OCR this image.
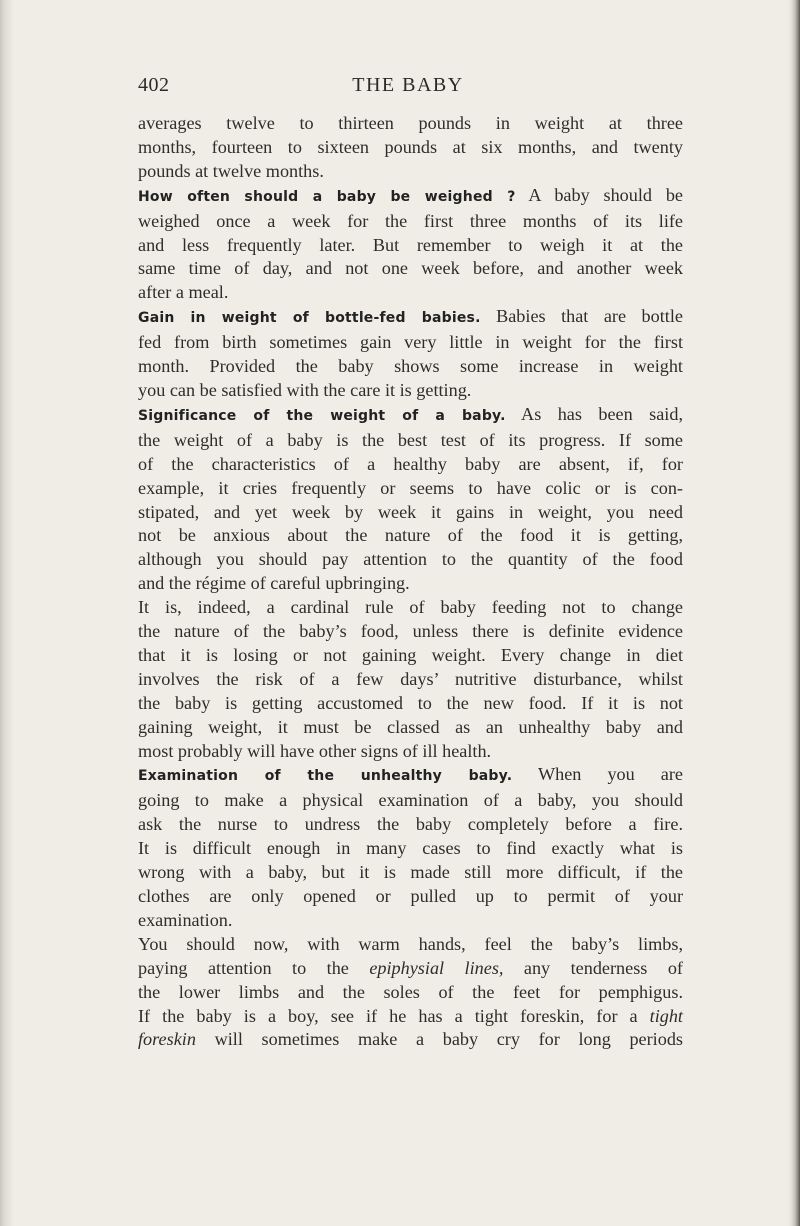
402	THE BABY
averages twelve to thirteen pounds in weight at three
months, fourteen to sixteen pounds at six months, and twenty
pounds at twelve months.
How often should a baby be weighed ? A baby should be
weighed once a week for the first three months of its life
and less frequently later. But remember to weigh it at the
same time of day, and not one week before, and another week
after a meal.
Gain in weight of bottle-fed babies. Babies that are bottle
fed from birth sometimes gain very little in weight for the first
month. Provided the baby shows some increase in weight
you can be satisfied with the care it is getting.
Significance of the weight of a baby. As has been said,
the weight of a baby is the best test of its progress. If some
of the characteristics of a healthy baby are absent, if, for
example, it cries frequently or seems to have colic or is con-
stipated, and yet week by week it gains in weight, you need
not be anxious about the nature of the food it is getting,
although you should pay attention to the quantity of the food
and the régime of careful upbringing.
It is, indeed, a cardinal rule of baby feeding not to change
the nature of the baby’s food, unless there is definite evidence
that it is losing or not gaining weight. Every change in diet
involves the risk of a few days’ nutritive disturbance, whilst
the baby is getting accustomed to the new food. If it is not
gaining weight, it must be classed as an unhealthy baby and
most probably will have other signs of ill health.
Examination of the unhealthy baby. When you are
going to make a physical examination of a baby, you should
ask the nurse to undress the baby completely before a fire.
It is difficult enough in many cases to find exactly what is
wrong with a baby, but it is made still more difficult, if the
clothes are only opened or pulled up to permit of your
examination.
You should now, with warm hands, feel the baby’s limbs,
paying attention to the epiphysial lines, any tenderness of
the lower limbs and the soles of the feet for pemphigus.
If the baby is a boy, see if he has a tight foreskin, for a tight
foreskin will sometimes make a baby cry for long periods
